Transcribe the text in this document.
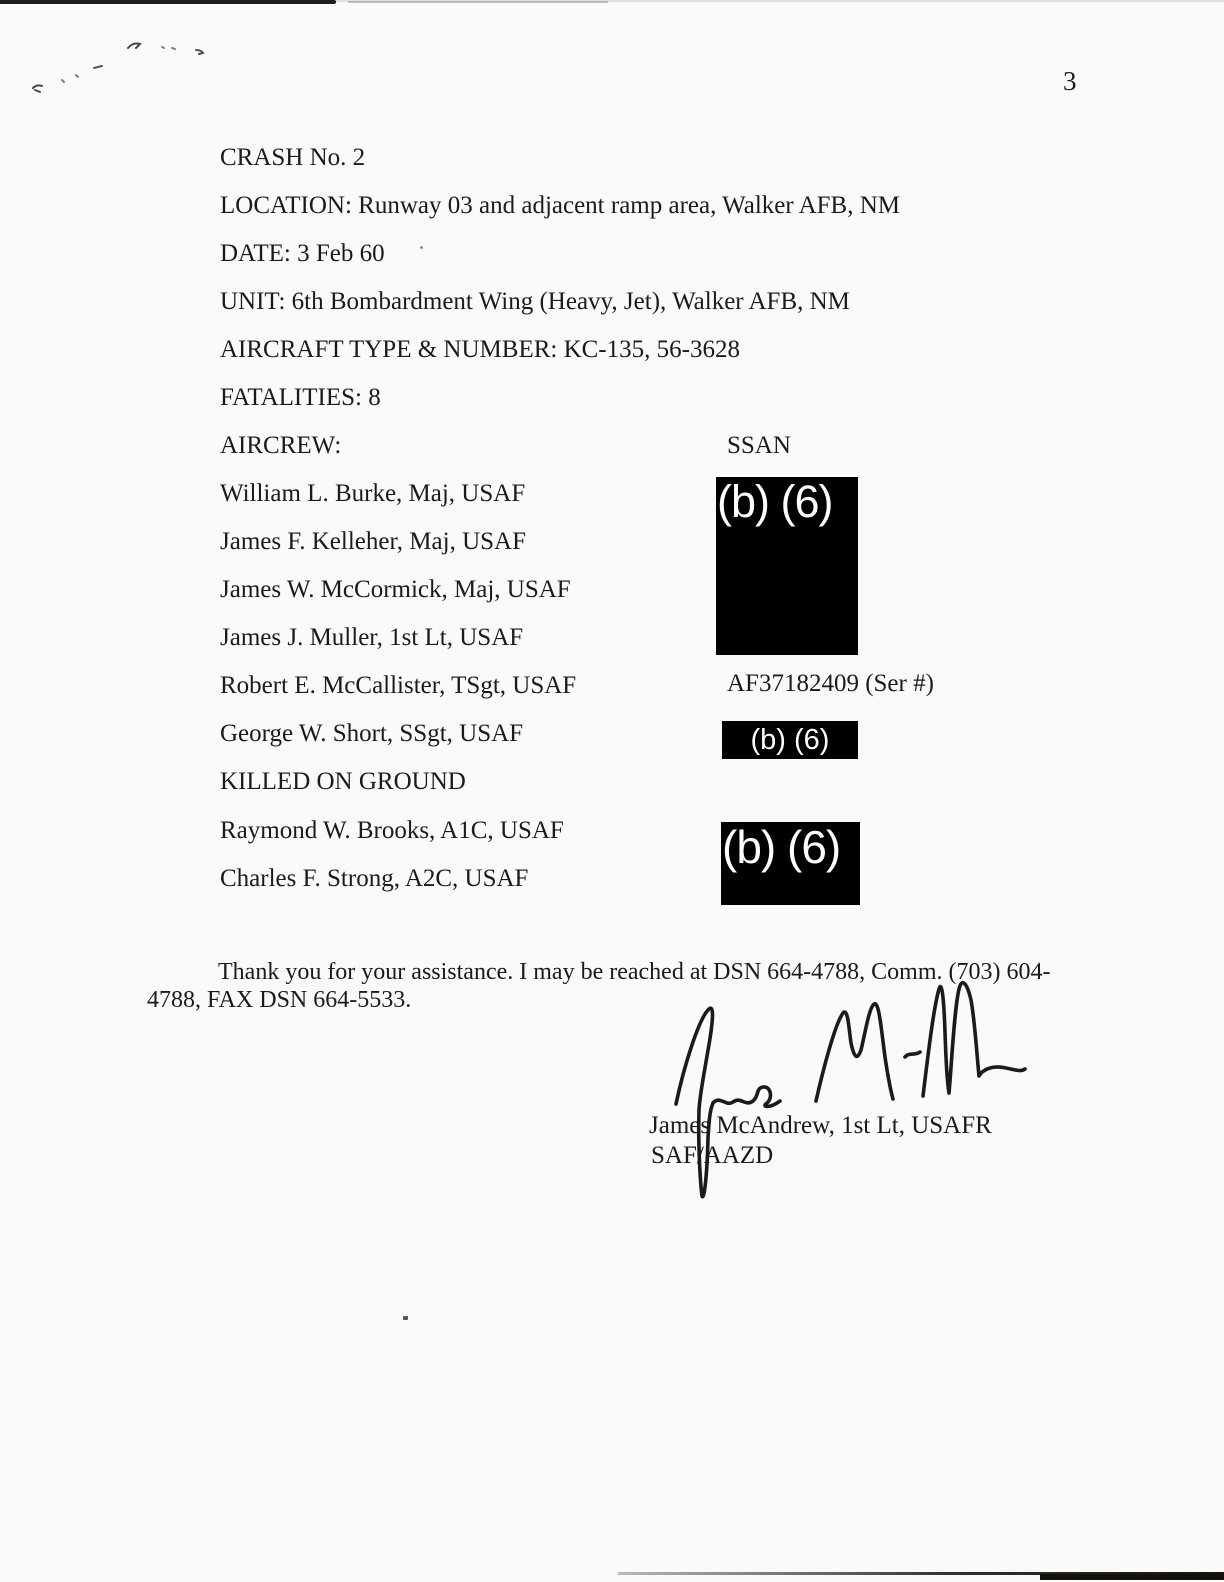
3
CRASH No. 2
LOCATION: Runway 03 and adjacent ramp area, Walker AFB, NM
DATE: 3 Feb 60
UNIT: 6th Bombardment Wing (Heavy, Jet), Walker AFB, NM
AIRCRAFT TYPE & NUMBER: KC-135, 56-3628
FATALITIES: 8
AIRCREW:
William L. Burke, Maj, USAF
James F. Kelleher, Maj, USAF
James W. McCormick, Maj, USAF
James J. Muller, 1st Lt, USAF
Robert E. McCallister, TSgt, USAF
George W. Short, SSgt, USAF
KILLED ON GROUND
Raymond W. Brooks, A1C, USAF
Charles F. Strong, A2C, USAF
SSAN
AF37182409 (Ser #)
(b) (6)
(b) (6)
(b) (6)
Thank you for your assistance. I may be reached at DSN 664-4788, Comm. (703) 604-
4788, FAX DSN 664-5533.
James McAndrew, 1st Lt, USAFR
SAF/AAZD
